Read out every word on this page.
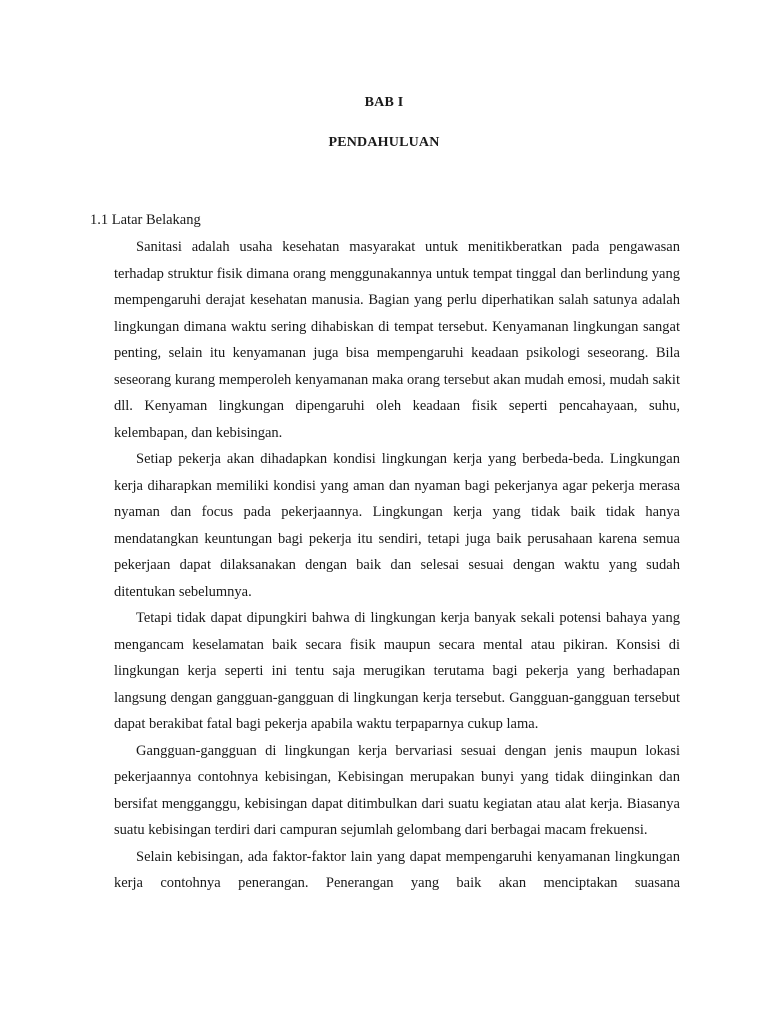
BAB I
PENDAHULUAN
1.1 Latar Belakang

Sanitasi adalah usaha kesehatan masyarakat untuk menitikberatkan pada pengawasan terhadap struktur fisik dimana orang menggunakannya untuk tempat tinggal dan berlindung yang mempengaruhi derajat kesehatan manusia. Bagian yang perlu diperhatikan salah satunya adalah lingkungan dimana waktu sering dihabiskan di tempat tersebut. Kenyamanan lingkungan sangat penting, selain itu kenyamanan juga bisa mempengaruhi keadaan psikologi seseorang. Bila seseorang kurang memperoleh kenyamanan maka orang tersebut akan mudah emosi, mudah sakit dll. Kenyaman lingkungan dipengaruhi oleh keadaan fisik seperti pencahayaan, suhu, kelembapan, dan kebisingan.

Setiap pekerja akan dihadapkan kondisi lingkungan kerja yang berbeda-beda. Lingkungan kerja diharapkan memiliki kondisi yang aman dan nyaman bagi pekerjanya agar pekerja merasa nyaman dan focus pada pekerjaannya. Lingkungan kerja yang tidak baik tidak hanya mendatangkan keuntungan bagi pekerja itu sendiri, tetapi juga baik perusahaan karena semua pekerjaan dapat dilaksanakan dengan baik dan selesai sesuai dengan waktu yang sudah ditentukan sebelumnya.

Tetapi tidak dapat dipungkiri bahwa di lingkungan kerja banyak sekali potensi bahaya yang mengancam keselamatan baik secara fisik maupun secara mental atau pikiran. Konsisi di lingkungan kerja seperti ini tentu saja merugikan terutama bagi pekerja yang berhadapan langsung dengan gangguan-gangguan di lingkungan kerja tersebut. Gangguan-gangguan tersebut dapat berakibat fatal bagi pekerja apabila waktu terpaparnya cukup lama.

Gangguan-gangguan di lingkungan kerja bervariasi sesuai dengan jenis maupun lokasi pekerjaannya contohnya kebisingan, Kebisingan merupakan bunyi yang tidak diinginkan dan bersifat mengganggu, kebisingan dapat ditimbulkan dari suatu kegiatan atau alat kerja. Biasanya suatu kebisingan terdiri dari campuran sejumlah gelombang dari berbagai macam frekuensi.

Selain kebisingan, ada faktor-faktor lain yang dapat mempengaruhi kenyamanan lingkungan kerja contohnya penerangan. Penerangan yang baik akan menciptakan suasana
